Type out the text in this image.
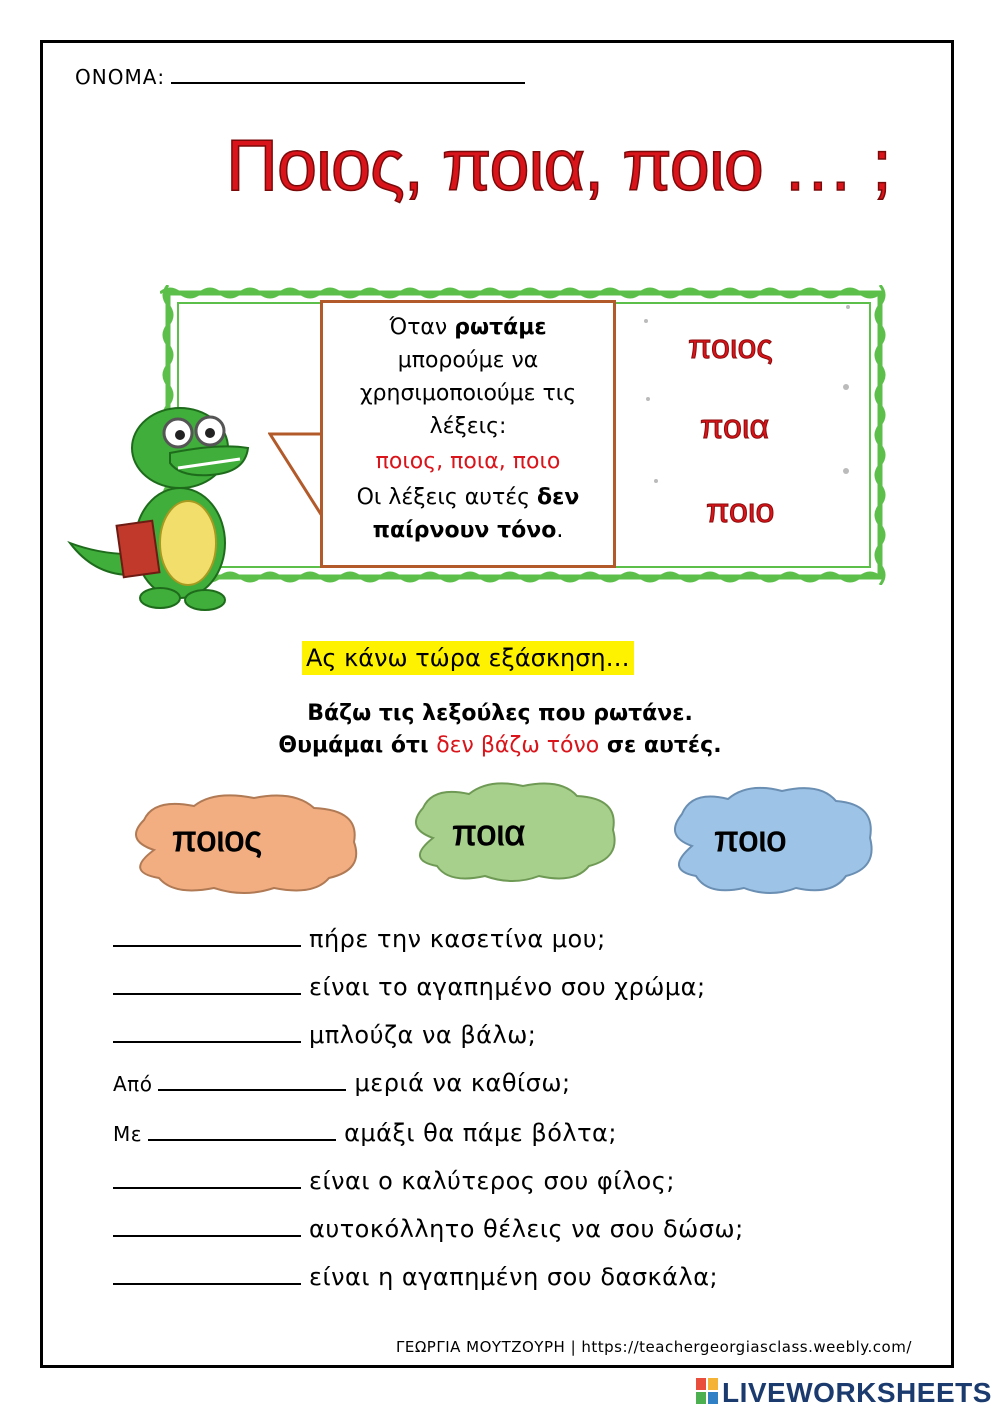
ΟΝΟΜΑ:
Ποιος, ποια, ποιο … ;
Όταν ρωτάμε
μπορούμε να
χρησιμοποιούμε τις
λέξεις:
ποιος, ποια, ποιο
Οι λέξεις αυτές δεν
παίρνουν τόνο.
ποιος
ποια
ποιο
Ας κάνω τώρα εξάσκηση…
Βάζω τις λεξούλες που ρωτάνε.
Θυμάμαι ότι δεν βάζω τόνο σε αυτές.
ποιος	ποια	ποιο
πήρε την κασετίνα μου;
είναι το αγαπημένο σου χρώμα;
μπλούζα να βάλω;
Από	μεριά να καθίσω;
Με	αμάξι θα πάμε βόλτα;
είναι ο καλύτερος σου φίλος;
αυτοκόλλητο θέλεις να σου δώσω;
είναι η αγαπημένη σου δασκάλα;
ΓΕΩΡΓΙΑ ΜΟΥΤΖΟΥΡΗ | https://teachergeorgiasclass.weebly.com/
LIVEWORKSHEETS
